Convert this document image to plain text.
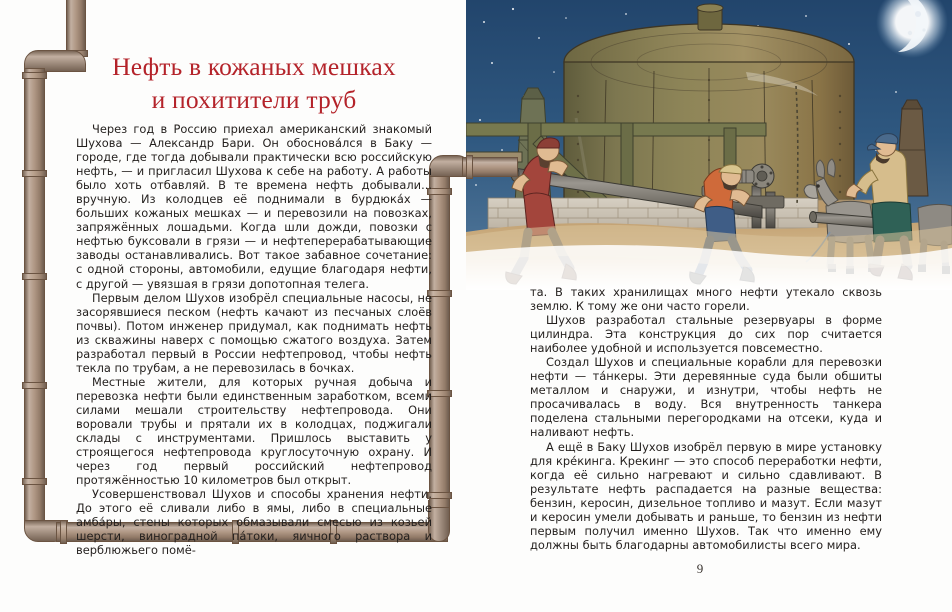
Нефть в кожаных мешках
и похитители труб

Через год в Россию приехал американский знакомый Шухова — Александр Бари. Он обоснова́лся в Баку — городе, где тогда добывали практически всю российскую нефть, — и пригласил Шухова к себе на работу. А работы было хоть отбавляй. В те времена нефть добывали... вручную. Из колодцев её поднимали в бурдюка́х — больших кожаных мешках — и перевозили на повозках, запряжённых лошадьми. Когда шли дожди, повозки с нефтью буксовали в грязи — и нефтеперерабатывающие заводы останавливались. Вот такое забавное сочетание: с одной стороны, автомобили, едущие благодаря нефти, с другой — увязшая в грязи допотопная телега.

Первым делом Шухов изобрёл специальные насосы, не засорявшиеся песком (нефть качают из песчаных слоёв почвы). Потом инженер придумал, как поднимать нефть из скважины наверх с помощью сжатого воздуха. Затем разработал первый в России нефтепровод, чтобы нефть текла по трубам, а не перевозилась в бочках.

Местные жители, для которых ручная добыча и перевозка нефти были единственным заработком, всеми силами мешали строительству нефтепровода. Они воровали трубы и прятали их в колодцах, поджигали склады с инструментами. Пришлось выставить у строящегося нефтепровода круглосуточную охрану. И через год первый российский нефтепровод протяжённостью 10 километров был открыт.

Усовершенствовал Шухов и способы хранения нефти. До этого её сливали либо в ямы, либо в специальные амба́ры, стены которых обмазывали смесью из козьей шерсти, виноградной па́токи, яичного раствора и верблюжьего помё-

та. В таких хранилищах много нефти утекало сквозь землю. К тому же они часто горели.

Шухов разработал стальные резервуары в форме цилиндра. Эта конструкция до сих пор считается наиболее удобной и используется повсеместно.

Создал Шухов и специальные корабли для перевозки нефти — та́нкеры. Эти деревянные суда были обшиты металлом и снаружи, и изнутри, чтобы нефть не просачивалась в воду. Вся внутренность танкера поделена стальными перегородками на отсеки, куда и наливают нефть.

А ещё в Баку Шухов изобрёл первую в мире установку для кре́кинга. Крекинг — это способ переработки нефти, когда её сильно нагревают и сильно сдавливают. В результате нефть распадается на разные вещества: бензин, керосин, дизельное топливо и мазут. Если мазут и керосин умели добывать и раньше, то бензин из нефти первым получил именно Шухов. Так что именно ему должны быть благодарны автомобилисты всего мира.

9
